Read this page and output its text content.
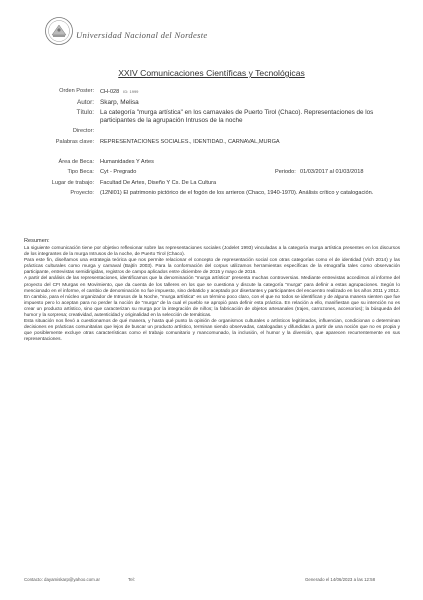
Universidad Nacional del Nordeste
XXIV Comunicaciones Científicas y Tecnológicas
Orden Poster: CH-028 ID: 1999
Autor: Skarp, Melisa
Título: La categoría "murga artística" en los carnavales de Puerto Tirol (Chaco). Representaciones de los participantes de la agrupación Intrusos de la noche
Director:
Palabras clave: REPRESENTACIONES SOCIALES., IDENTIDAD., CARNAVAL,MURGA
Área de Beca: Humanidades Y Artes
Tipo Beca: Cyt - Pregrado	Periodo: 01/03/2017 al 01/03/2018
Lugar de trabajo: Facultad De Artes, Diseño Y Cs. De La Cultura
Proyecto: (12NI01) El patrimonio pictórico de el fogón de los arrieros (Chaco, 1940-1970). Análisis crítico y catalogación.
Resumen:

La siguiente comunicación tiene por objetivo reflexionar sobre las representaciones sociales (Jodelet 1993) vinculadas a la categoría murga artística presentes en los discursos de los integrantes de la murga Intrusos de la noche, de Puerto Tirol (Chaco).

Para este fin, diseñamos una estrategia teórica que nos permite relacionar el concepto de representación social con otras categorías como el de identidad (Vich 2014) y las prácticas culturales como murga y carnaval (Bajtín 2003). Para la conformación del corpus utilizamos herramientas específicas de la etnografía tales como observación participante, entrevistas semidirigidas, registros de campo aplicados entre diciembre de 2015 y mayo de 2016.

A partir del análisis de las representaciones, identificamos que la denominación "murga artística" presenta muchas controversias. Mediante entrevistas accedimos al informe del proyecto del CFI Murgas en Movimiento, que da cuenta de los talleres en los que se cuestiona y discute la categoría "murga" para definir a estas agrupaciones. Según lo mencionado en el informe, el cambio de denominación no fue impuesto, sino debatido y aceptado por disertantes y participantes del encuentro realizado en los años 2011 y 2012. En cambio, para el núcleo organizador de Intrusos de la Noche, "murga artística" es un término poco claro, con el que no todos se identifican y de alguna manera sienten que fue impuesto pero lo aceptan para no perder la noción de "murga" de la cual el pueblo se apropió para definir esta práctica. En relación a ello, manifiestan que su intención no es crear un producto artístico, sino que caracterizan su murga por la integración de niños; la fabricación de objetos artesanales (trajes, carrozones, accesorios); la búsqueda del humor y la sorpresa; creatividad, autenticidad y originalidad en la selección de temáticas.

Esta situación nos llevó a cuestionarnos de qué manera, y hasta qué punto la opinión de organismos culturales o artísticos legitimados, influencian, condicionan o determinan decisiones en prácticas comunitarias que lejos de buscar un producto artístico, terminan siendo observadas, catalogadas y difundidas a partir de una noción que no es propia y que posiblemente excluye otras características como el trabajo comunitario y mancomunado, la inclusión, el humor y la diversión, que aparecen recurrentemente en sus representaciones.

Contacto: dayamiskarp@yahoo.com.ar	Tel:	Generado el 14/06/2023 a las 12:58
